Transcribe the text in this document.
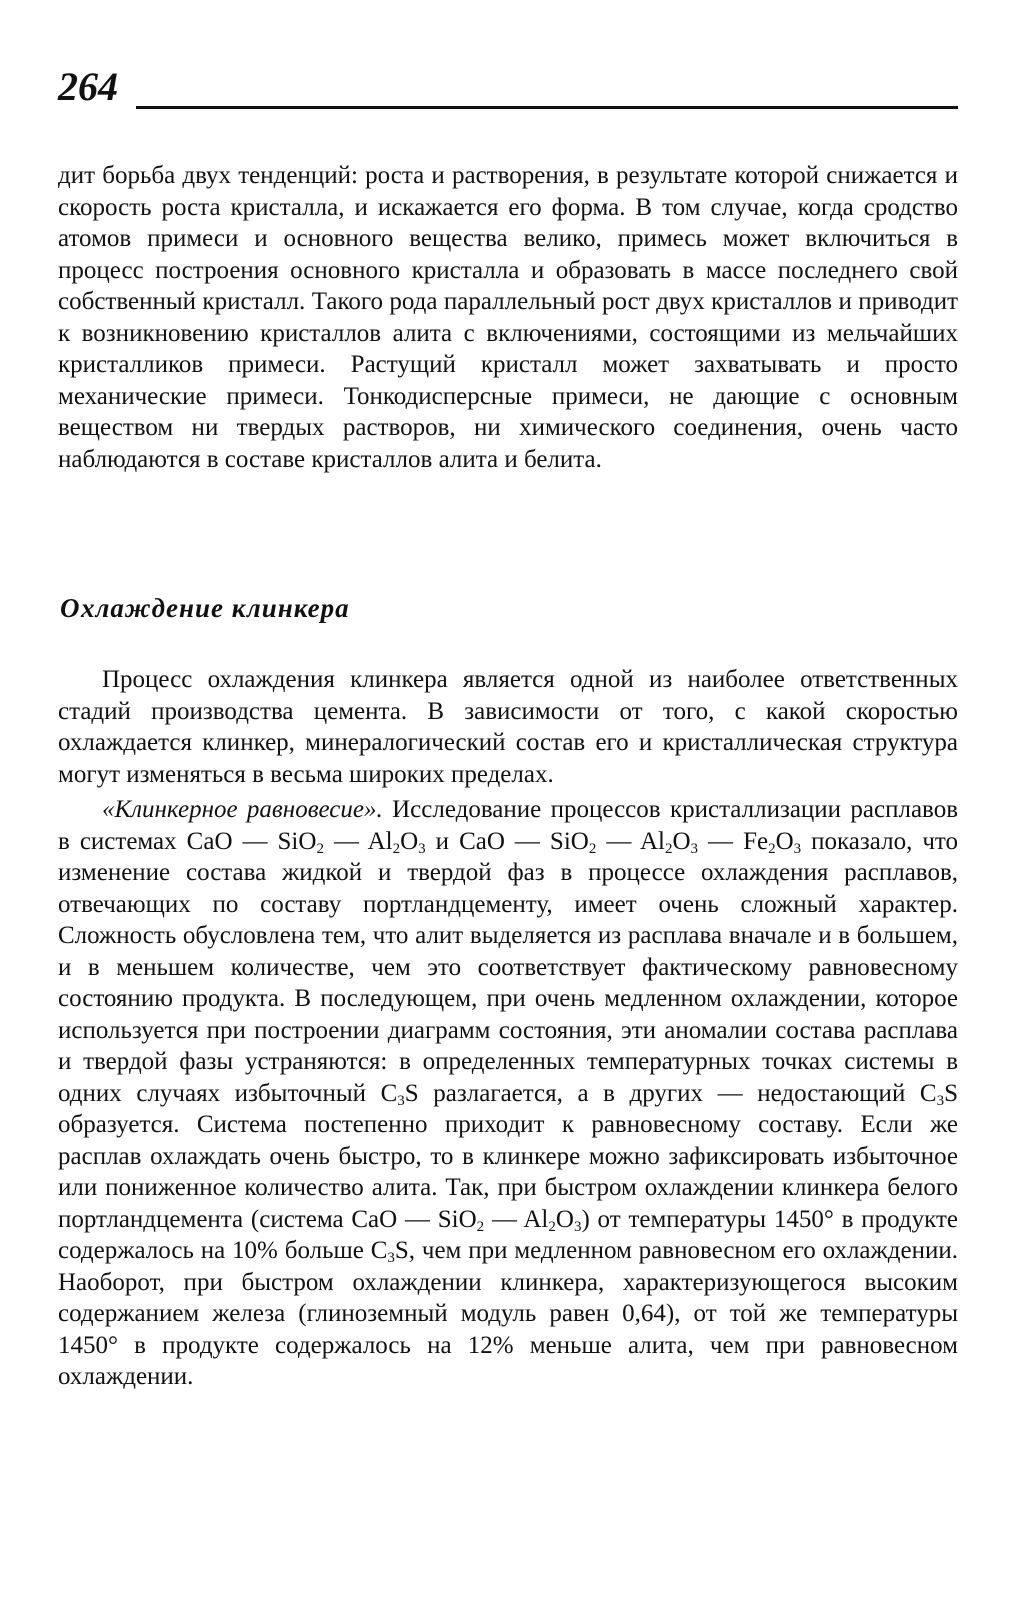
264

дит борьба двух тенденций: роста и растворения, в результате которой снижается и скорость роста кристалла, и искажается его форма. В том случае, когда сродство атомов примеси и основного вещества велико, примесь может включиться в процесс построения основного кристалла и образовать в массе последнего свой собственный кристалл. Такого рода параллельный рост двух кристаллов и приводит к возникновению кристаллов алита с включениями, состоящими из мельчайших кристалликов примеси. Растущий кристалл может захватывать и просто механические примеси. Тонкодисперсные примеси, не дающие с основным веществом ни твердых растворов, ни химического соединения, очень часто наблюдаются в составе кристаллов алита и белита.

Охлаждение клинкера

Процесс охлаждения клинкера является одной из наиболее ответственных стадий производства цемента. В зависимости от того, с какой скоростью охлаждается клинкер, минералогический состав его и кристаллическая структура могут изменяться в весьма широких пределах.

«Клинкерное равновесие». Исследование процессов кристаллизации расплавов в системах CaO — SiO$_2$ — $Al_2O_3$ и CaO — SiO$_2$ — $Al_2O_3$ — $Fe_2O_3$ показало, что изменение состава жидкой и твердой фаз в процессе охлаждения расплавов, отвечающих по составу портландцементу, имеет очень сложный характер. Сложность обусловлена тем, что алит выделяется из расплава вначале и в большем, и в меньшем количестве, чем это соответствует фактическому равновесному состоянию продукта. В последующем, при очень медленном охлаждении, которое используется при построении диаграмм состояния, эти аномалии состава расплава и твердой фазы устраняются: в определенных температурных точках системы в одних случаях избыточный $C_3S$ разлагается, а в других — недостающий $C_3S$ образуется. Система постепенно приходит к равновесному составу. Если же расплав охлаждать очень быстро, то в клинкере можно зафиксировать избыточное или пониженное количество алита. Так, при быстром охлаждении клинкера белого портландцемента (система CaO — SiO$_2$ — $Al_2O_3$) от температуры 1450° в продукте содержалось на 10% больше $C_3S$, чем при медленном равновесном его охлаждении. Наоборот, при быстром охлаждении клинкера, характеризующегося высоким содержанием железа (глиноземный модуль равен 0,64), от той же температуры 1450° в продукте содержалось на 12% меньше алита, чем при равновесном охлаждении.
